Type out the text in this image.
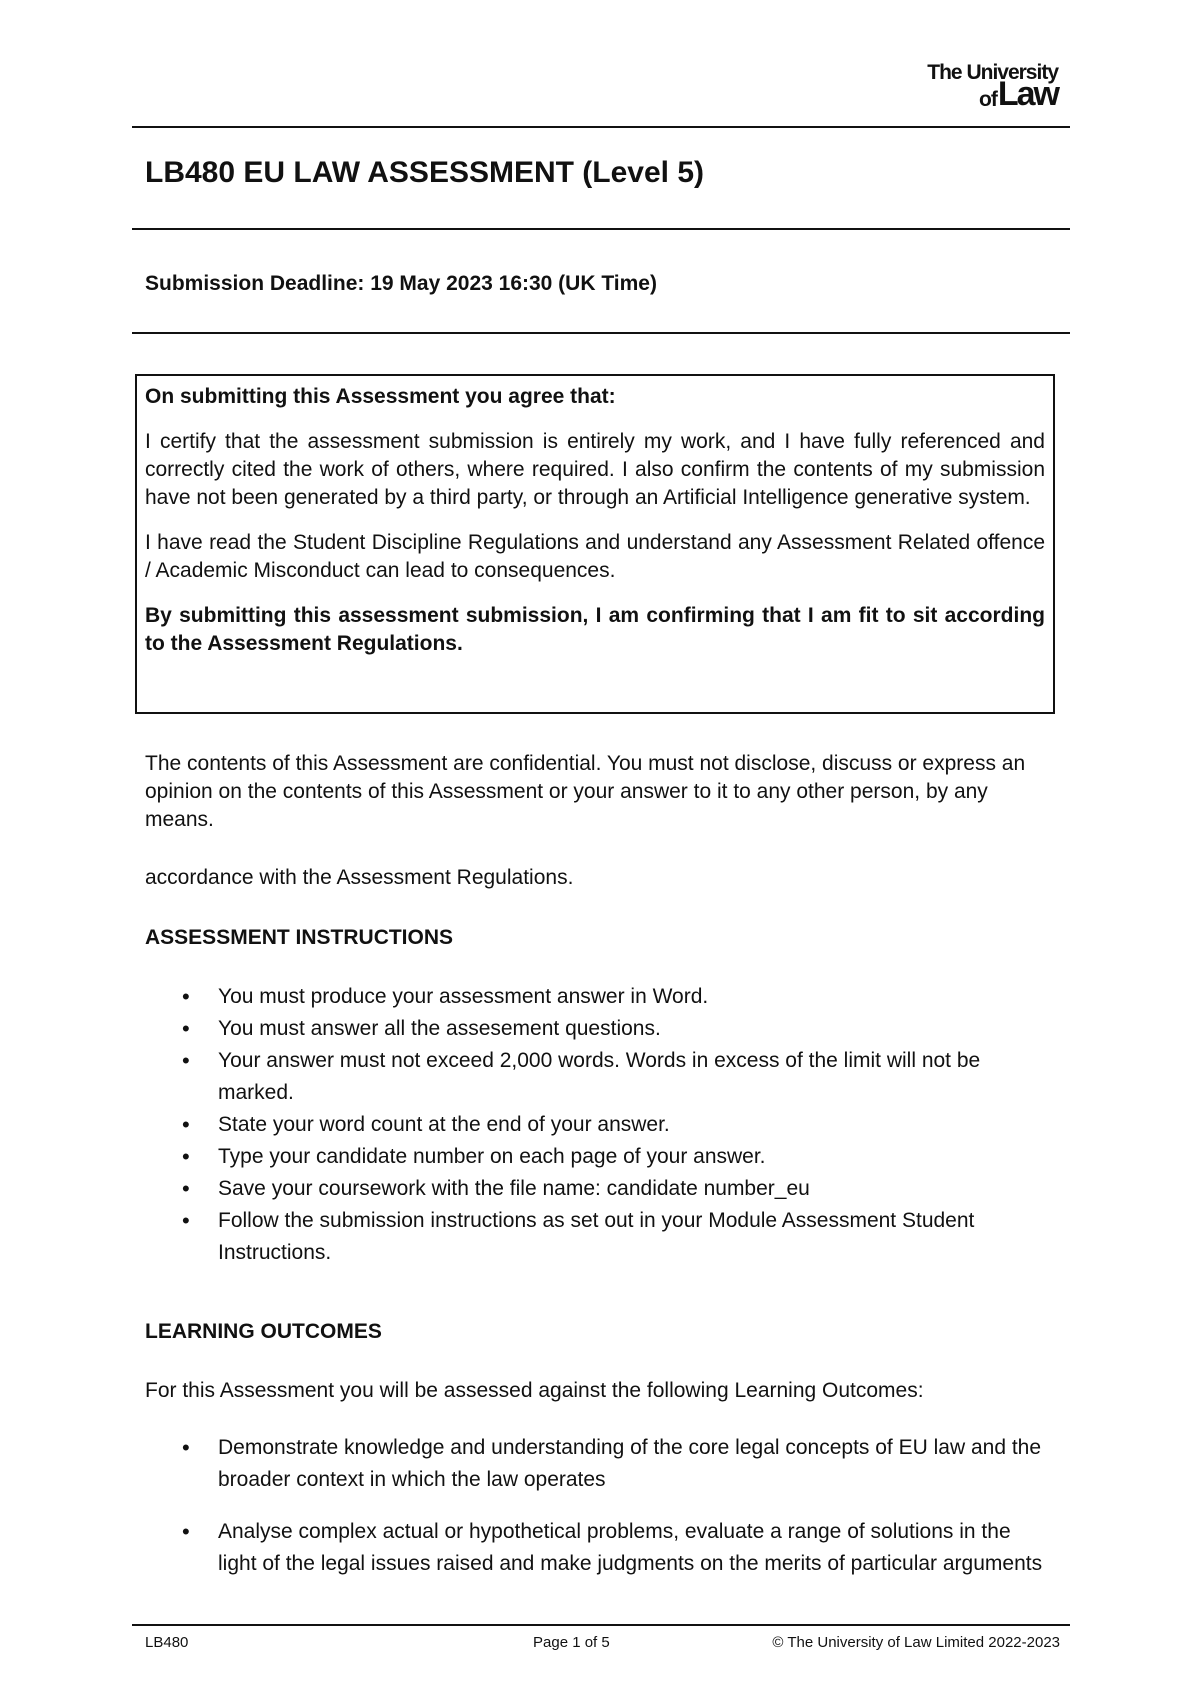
The University
of Law
LB480 EU LAW ASSESSMENT (Level 5)
Submission Deadline: 19 May 2023 16:30 (UK Time)

On submitting this Assessment you agree that:

I certify that the assessment submission is entirely my work, and I have fully referenced and correctly cited the work of others, where required. I also confirm the contents of my submission have not been generated by a third party, or through an Artificial Intelligence generative system.

I have read the Student Discipline Regulations and understand any Assessment Related offence / Academic Misconduct can lead to consequences.

By submitting this assessment submission, I am confirming that I am fit to sit according to the Assessment Regulations.

The contents of this Assessment are confidential. You must not disclose, discuss or express an opinion on the contents of this Assessment or your answer to it to any other person, by any means.

accordance with the Assessment Regulations.

ASSESSMENT INSTRUCTIONS
• You must produce your assessment answer in Word.
• You must answer all the assesement questions.
• Your answer must not exceed 2,000 words. Words in excess of the limit will not be marked.
• State your word count at the end of your answer.
• Type your candidate number on each page of your answer.
• Save your coursework with the file name: candidate number_eu
• Follow the submission instructions as set out in your Module Assessment Student Instructions.
LEARNING OUTCOMES

For this Assessment you will be assessed against the following Learning Outcomes:

• Demonstrate knowledge and understanding of the core legal concepts of EU law and the broader context in which the law operates
• Analyse complex actual or hypothetical problems, evaluate a range of solutions in the light of the legal issues raised and make judgments on the merits of particular arguments
LB480	Page 1 of 5	© The University of Law Limited 2022-2023
